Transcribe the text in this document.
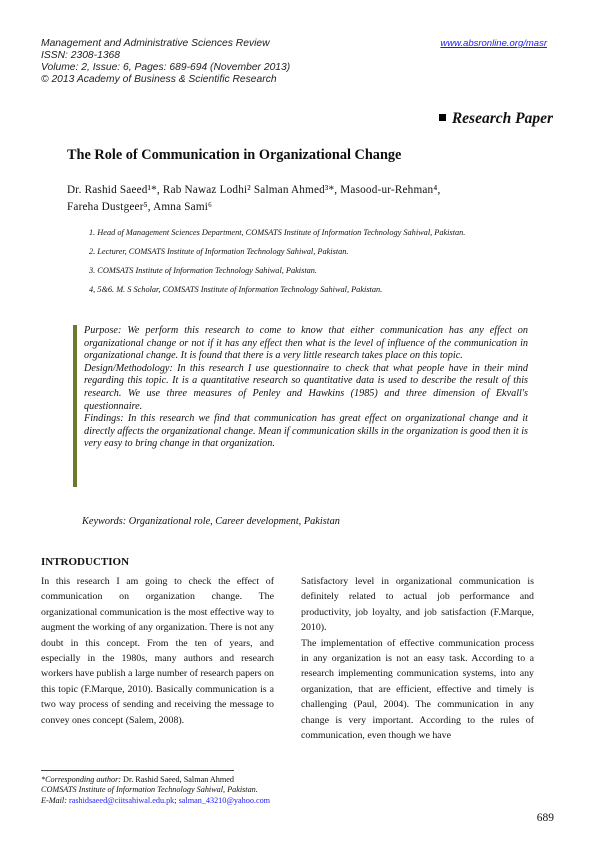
Management and Administrative Sciences Review
ISSN: 2308-1368
Volume: 2, Issue: 6, Pages: 689-694 (November 2013)
© 2013 Academy of Business & Scientific Research
www.absronline.org/masr
Research Paper
The Role of Communication in Organizational Change
Dr. Rashid Saeed¹*, Rab Nawaz Lodhi² Salman Ahmed³*, Masood-ur-Rehman⁴,
Fareha Dustgeer⁵, Amna Sami⁶
1. Head of Management Sciences Department, COMSATS Institute of Information Technology Sahiwal, Pakistan.
2. Lecturer, COMSATS Institute of Information Technology Sahiwal, Pakistan.
3. COMSATS Institute of Information Technology Sahiwal, Pakistan.
4, 5&6. M. S Scholar, COMSATS Institute of Information Technology Sahiwal, Pakistan.

Purpose: We perform this research to come to know that either communication has any effect on organizational change or not if it has any effect then what is the level of influence of the communication in organizational change. It is found that there is a very little research takes place on this topic.

Design/Methodology: In this research I use questionnaire to check that what people have in their mind regarding this topic. It is a quantitative research so quantitative data is used to describe the result of this research. We use three measures of Penley and Hawkins (1985) and three dimension of Ekvall's questionnaire.

Findings: In this research we find that communication has great effect on organizational change and it directly affects the organizational change. Mean if communication skills in the organization is good then it is very easy to bring change in that organization.

Keywords: Organizational role, Career development, Pakistan
INTRODUCTION

In this research I am going to check the effect of communication on organization change. The organizational communication is the most effective way to augment the working of any organization. There is not any doubt in this concept. From the ten of years, and especially in the 1980s, many authors and research workers have publish a large number of research papers on this topic (F.Marque, 2010). Basically communication is a two way process of sending and receiving the message to convey ones concept (Salem, 2008).

Satisfactory level in organizational communication is definitely related to actual job performance and productivity, job loyalty, and job satisfaction (F.Marque, 2010).

The implementation of effective communication process in any organization is not an easy task. According to a research implementing communication systems, into any organization, that are efficient, effective and timely is challenging (Paul, 2004). The communication in any change is very important. According to the rules of communication, even though we have

*Corresponding author: Dr. Rashid Saeed, Salman Ahmed
COMSATS Institute of Information Technology Sahiwal, Pakistan.
E-Mail: rashidsaeed@ciitsahiwal.edu.pk; salman_43210@yahoo.com
689
